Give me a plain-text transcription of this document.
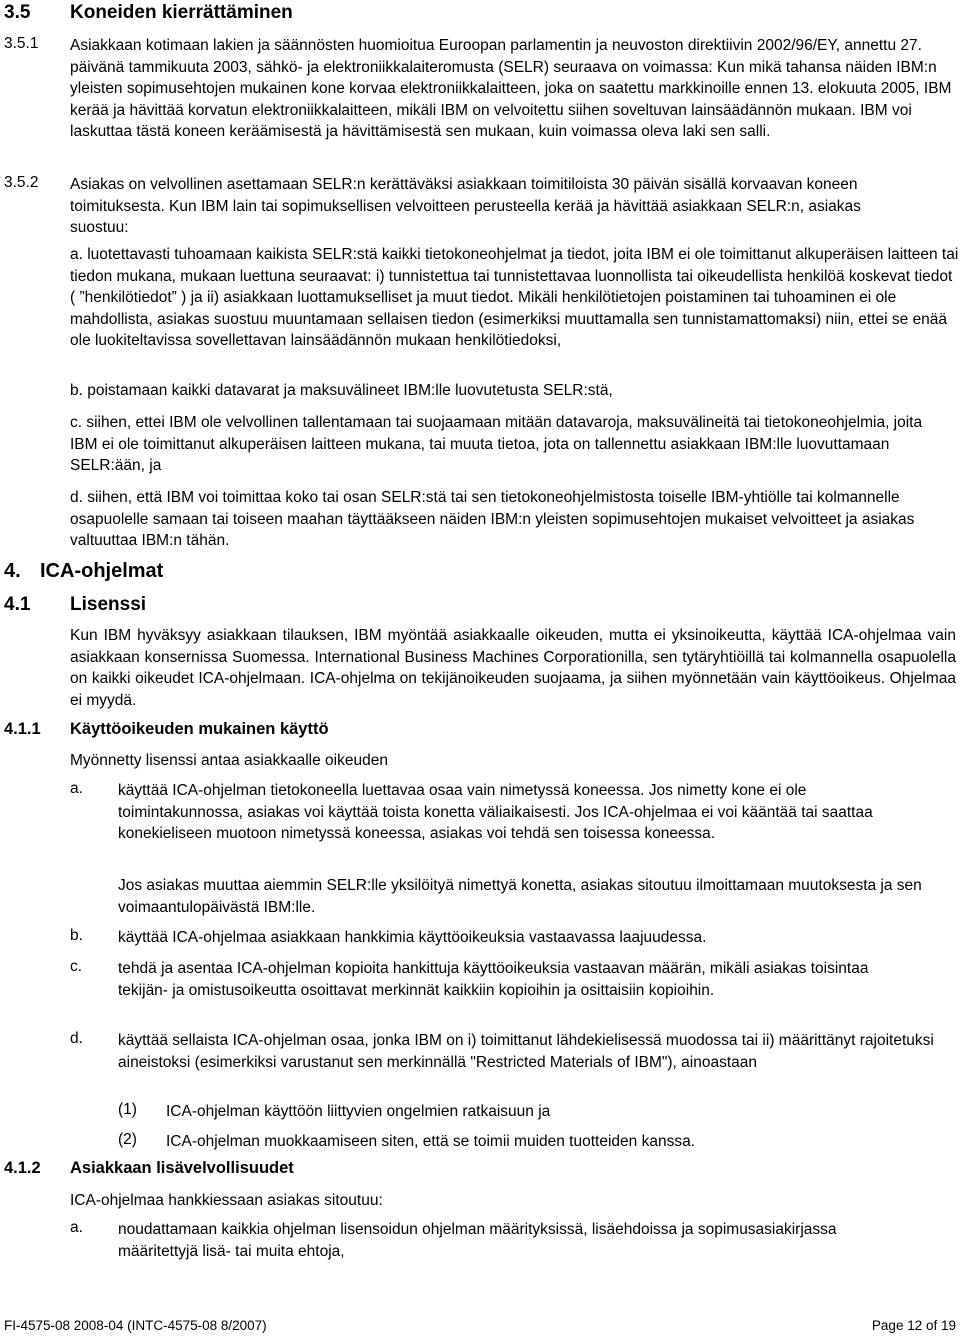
3.5 Koneiden kierrättäminen
3.5.1 Asiakkaan kotimaan lakien ja säännösten huomioitua Euroopan parlamentin ja neuvoston direktiivin 2002/96/EY, annettu 27. päivänä tammikuuta 2003, sähkö- ja elektroniikkalaiteromusta (SELR) seuraava on voimassa: Kun mikä tahansa näiden IBM:n yleisten sopimusehtojen mukainen kone korvaa elektroniikkalaitteen, joka on saatettu markkinoille ennen 13. elokuuta 2005, IBM kerää ja hävittää korvatun elektroniikkalaitteen, mikäli IBM on velvoitettu siihen soveltuvan lainsäädännön mukaan. IBM voi laskuttaa tästä koneen keräämisestä ja hävittämisestä sen mukaan, kuin voimassa oleva laki sen salli.

3.5.2 Asiakas on velvollinen asettamaan SELR:n kerättäväksi asiakkaan toimitiloista 30 päivän sisällä korvaavan koneen toimituksesta. Kun IBM lain tai sopimuksellisen velvoitteen perusteella kerää ja hävittää asiakkaan SELR:n, asiakas suostuu:

a. luotettavasti tuhoamaan kaikista SELR:stä kaikki tietokoneohjelmat ja tiedot, joita IBM ei ole toimittanut alkuperäisen laitteen tai tiedon mukana, mukaan luettuna seuraavat: i) tunnistettua tai tunnistettavaa luonnollista tai oikeudellista henkilöä koskevat tiedot ( ”henkilötiedot” ) ja ii) asiakkaan luottamukselliset ja muut tiedot. Mikäli henkilötietojen poistaminen tai tuhoaminen ei ole mahdollista, asiakas suostuu muuntamaan sellaisen tiedon (esimerkiksi muuttamalla sen tunnistamattomaksi) niin, ettei se enää ole luokiteltavissa sovellettavan lainsäädännön mukaan henkilötiedoksi,

b. poistamaan kaikki datavarat ja maksuvälineet IBM:lle luovutetusta SELR:stä,

c. siihen, ettei IBM ole velvollinen tallentamaan tai suojaamaan mitään datavaroja, maksuvälineitä tai tietokoneohjelmia, joita IBM ei ole toimittanut alkuperäisen laitteen mukana, tai muuta tietoa, jota on tallennettu asiakkaan IBM:lle luovuttamaan SELR:ään, ja

d. siihen, että IBM voi toimittaa koko tai osan SELR:stä tai sen tietokoneohjelmistosta toiselle IBM-yhtiölle tai kolmannelle osapuolelle samaan tai toiseen maahan täyttääkseen näiden IBM:n yleisten sopimusehtojen mukaiset velvoitteet ja asiakas valtuuttaa IBM:n tähän.

4. ICA-ohjelmat
4.1 Lisenssi

Kun IBM hyväksyy asiakkaan tilauksen, IBM myöntää asiakkaalle oikeuden, mutta ei yksinoikeutta, käyttää ICA-ohjelmaa vain asiakkaan konsernissa Suomessa. International Business Machines Corporationilla, sen tytäryhtiöillä tai kolmannella osapuolella on kaikki oikeudet ICA-ohjelmaan. ICA-ohjelma on tekijänoikeuden suojaama, ja siihen myönnetään vain käyttöoikeus. Ohjelmaa ei myydä.

4.1.1 Käyttöoikeuden mukainen käyttö

Myönnetty lisenssi antaa asiakkaalle oikeuden

a. käyttää ICA-ohjelman tietokoneella luettavaa osaa vain nimetyssä koneessa. Jos nimetty kone ei ole toimintakunnossa, asiakas voi käyttää toista konetta väliaikaisesti. Jos ICA-ohjelmaa ei voi kääntää tai saattaa konekieliseen muotoon nimetyssä koneessa, asiakas voi tehdä sen toisessa koneessa.

Jos asiakas muuttaa aiemmin SELR:lle yksilöityä nimettyä konetta, asiakas sitoutuu ilmoittamaan muutoksesta ja sen voimaantulopäivästä IBM:lle.

b. käyttää ICA-ohjelmaa asiakkaan hankkimia käyttöoikeuksia vastaavassa laajuudessa.

c. tehdä ja asentaa ICA-ohjelman kopioita hankittuja käyttöoikeuksia vastaavan määrän, mikäli asiakas toisintaa tekijän- ja omistusoikeutta osoittavat merkinnät kaikkiin kopioihin ja osittaisiin kopioihin.

d. käyttää sellaista ICA-ohjelman osaa, jonka IBM on i) toimittanut lähdekielisessä muodossa tai ii) määrittänyt rajoitetuksi aineistoksi (esimerkiksi varustanut sen merkinnällä "Restricted Materials of IBM"), ainoastaan

(1) ICA-ohjelman käyttöön liittyvien ongelmien ratkaisuun ja

(2) ICA-ohjelman muokkaamiseen siten, että se toimii muiden tuotteiden kanssa.

4.1.2 Asiakkaan lisävelvollisuudet

ICA-ohjelmaa hankkiessaan asiakas sitoutuu:

a. noudattamaan kaikkia ohjelman lisensoidun ohjelman määrityksissä, lisäehdoissa ja sopimusasiakirjassa määritettyjä lisä- tai muita ehtoja,

FI-4575-08 2008-04 (INTC-4575-08 8/2007)	Page 12 of 19
